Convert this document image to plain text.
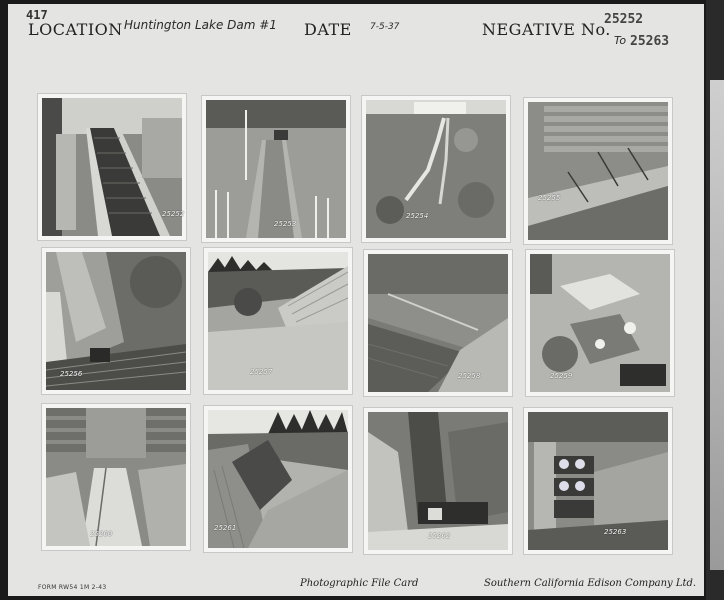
417
LOCATION Huntington Lake Dam #1 DATE 7-5-37	NEGATIVE No.
25252
To 25263
25252
25253
25254
25255
25256	25257	25258	25259
25260
25261
25262	25263
FORM RW54 1M 2-43	Photographic File Card	Southern California Edison Company Ltd.
